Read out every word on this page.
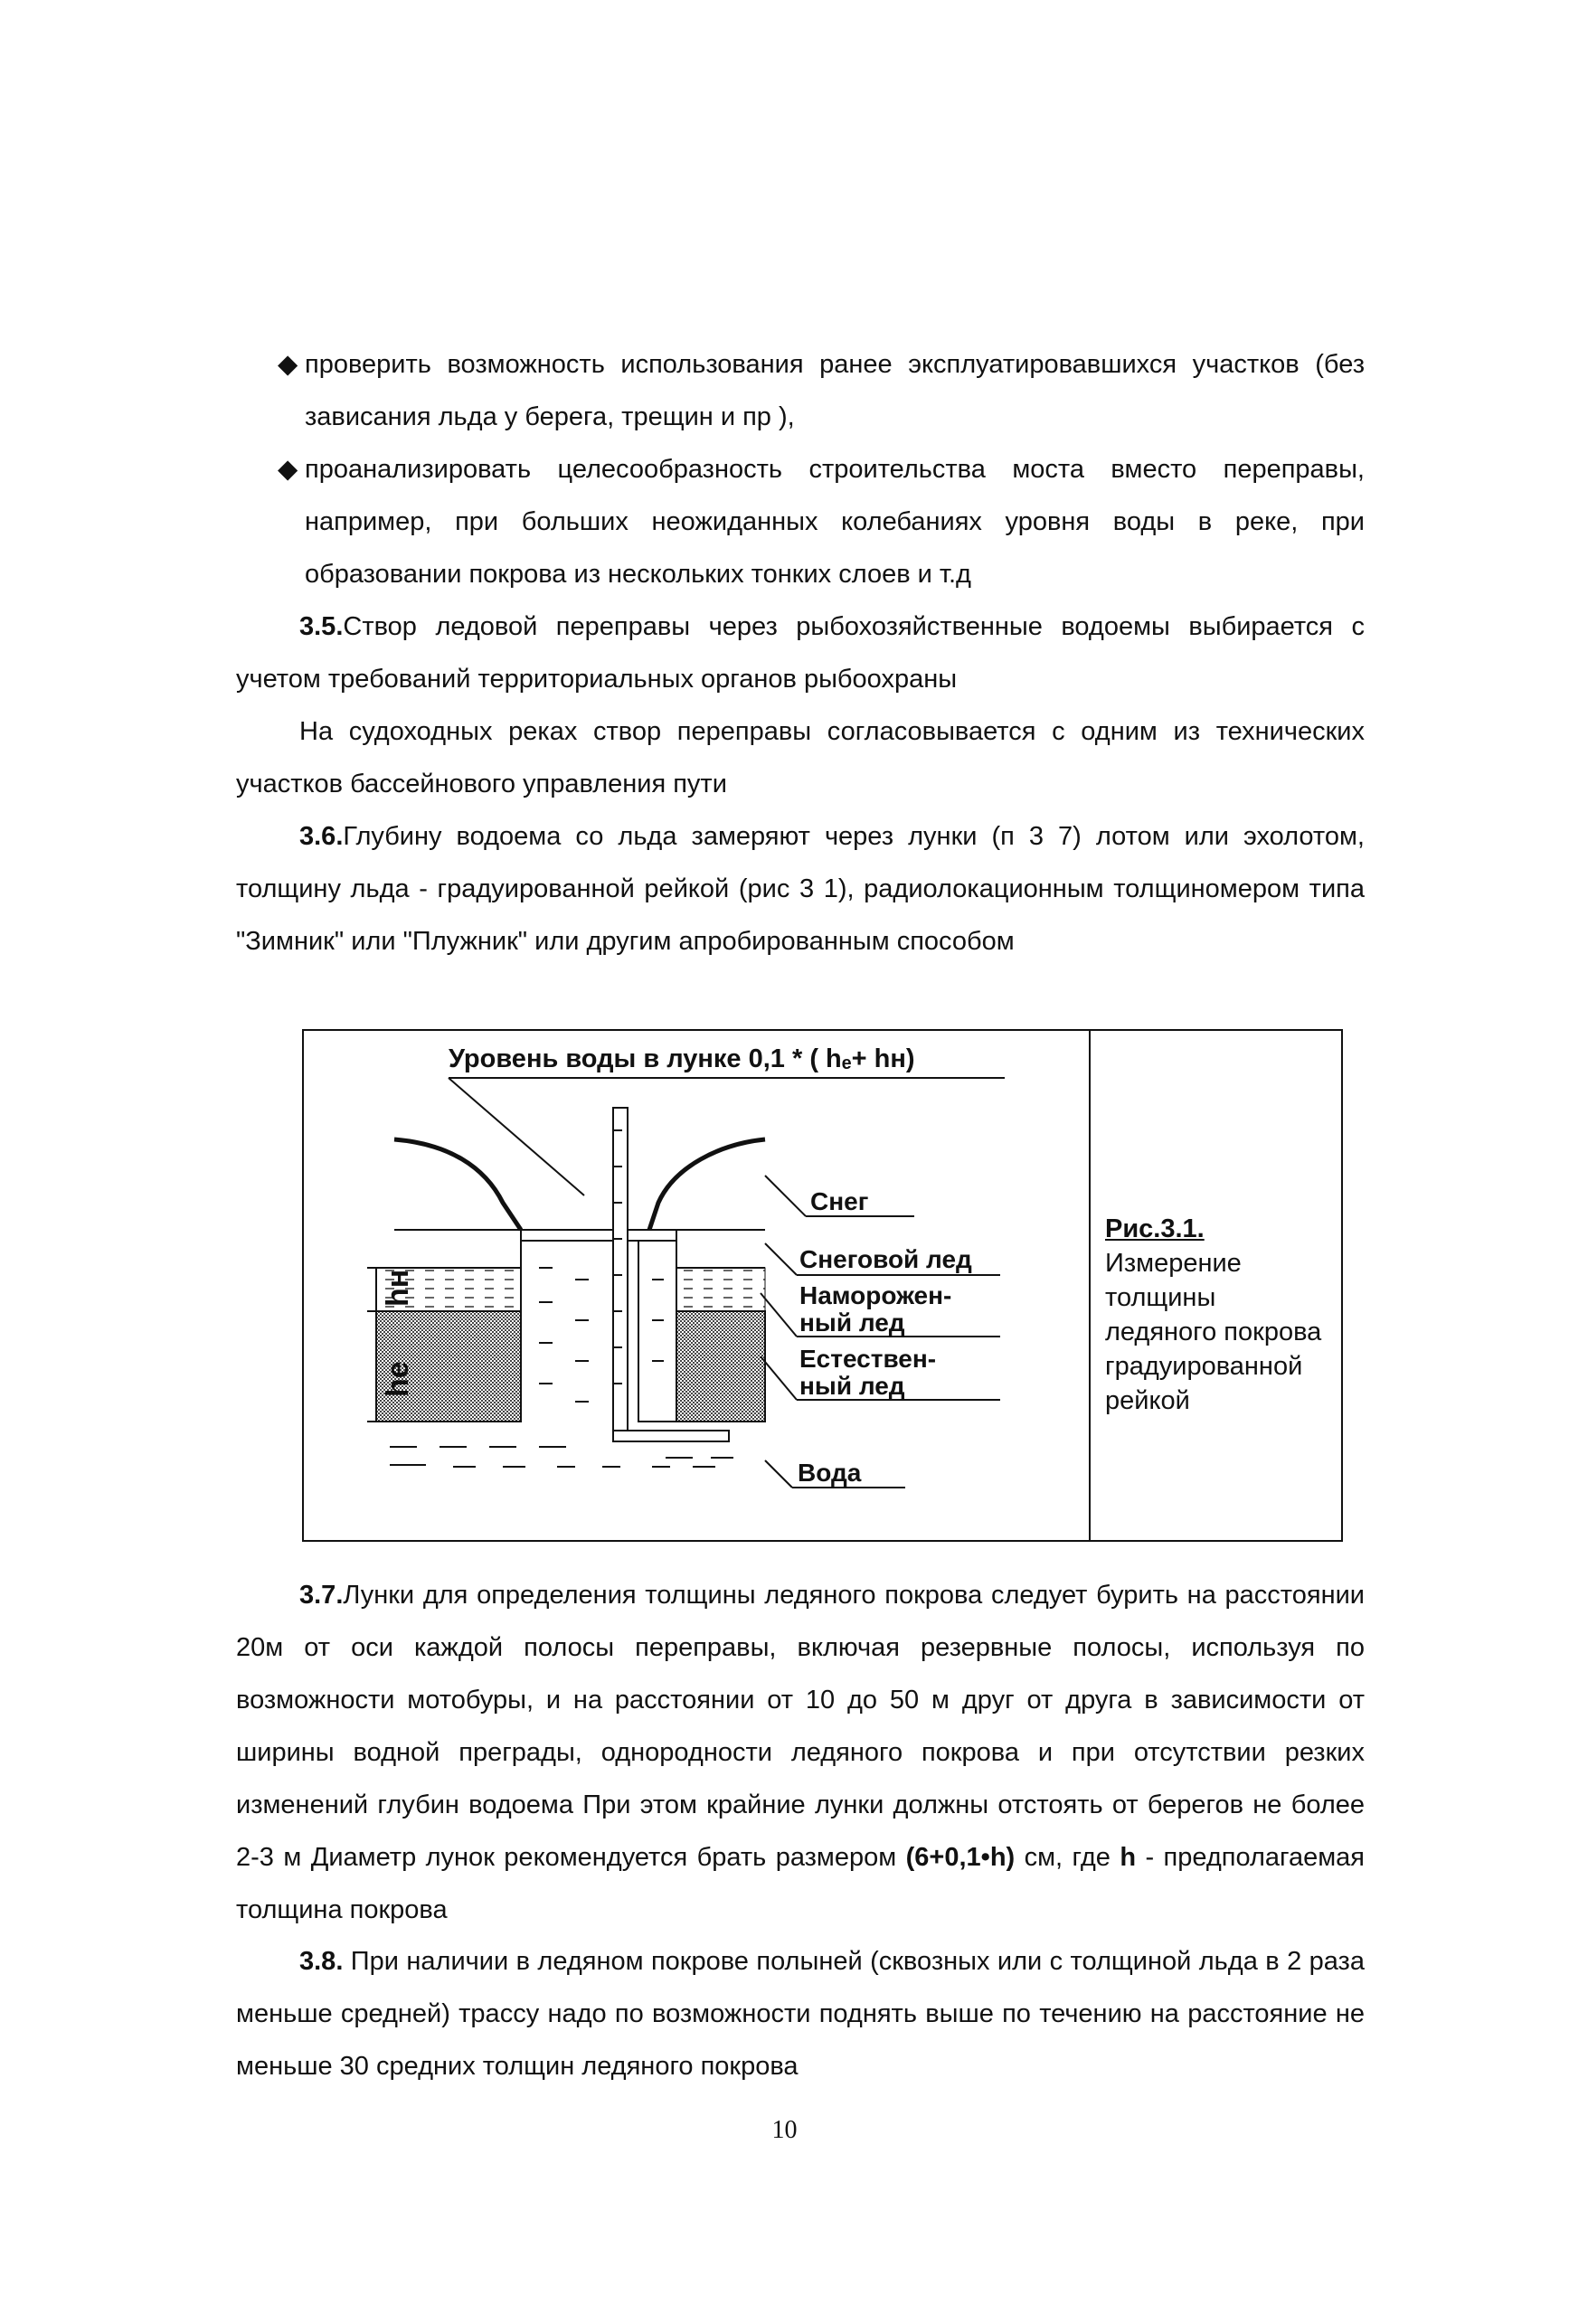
◆ проверить возможность использования ранее эксплуатировавшихся участков (без зависания льда у берега, трещин и пр ),
◆ проанализировать целесообразность строительства моста вместо переправы, например, при больших неожиданных колебаниях уровня воды в реке, при образовании покрова из нескольких тонких слоев и т.д
3.5.Створ ледовой переправы через рыбохозяйственные водоемы выбирается с учетом требований территориальных органов рыбоохраны
На судоходных реках створ переправы согласовывается с одним из технических участков бассейнового управления пути
3.6.Глубину водоема со льда замеряют через лунки (п 3 7) лотом или эхолотом, толщину льда - градуированной рейкой (рис 3 1), радиолокационным толщиномером типа "Зимник" или "Плужник" или другим апробированным способом
Уровень воды в лунке 0,1 * ( hₑ+ hн)
hн
hе
Снег
Снеговой лед
Наморожен-
ный лед
Естествен-
ный лед
Вода
Рис.3.1. Измерение толщины ледяного покрова градуированной рейкой
3.7.Лунки для определения толщины ледяного покрова следует бурить на расстоянии 20м от оси каждой полосы переправы, включая резервные полосы, используя по возможности мотобуры, и на расстоянии от 10 до 50 м друг от друга в зависимости от ширины водной преграды, однородности ледяного покрова и при отсутствии резких изменений глубин водоема При этом крайние лунки должны отстоять от берегов не более 2-3 м Диаметр лунок рекомендуется брать размером (6+0,1•h) см, где h - предполагаемая толщина покрова
3.8. При наличии в ледяном покрове полыней (сквозных или с толщиной льда в 2 раза меньше средней) трассу надо по возможности поднять выше по течению на расстояние не меньше 30 средних толщин ледяного покрова
10
